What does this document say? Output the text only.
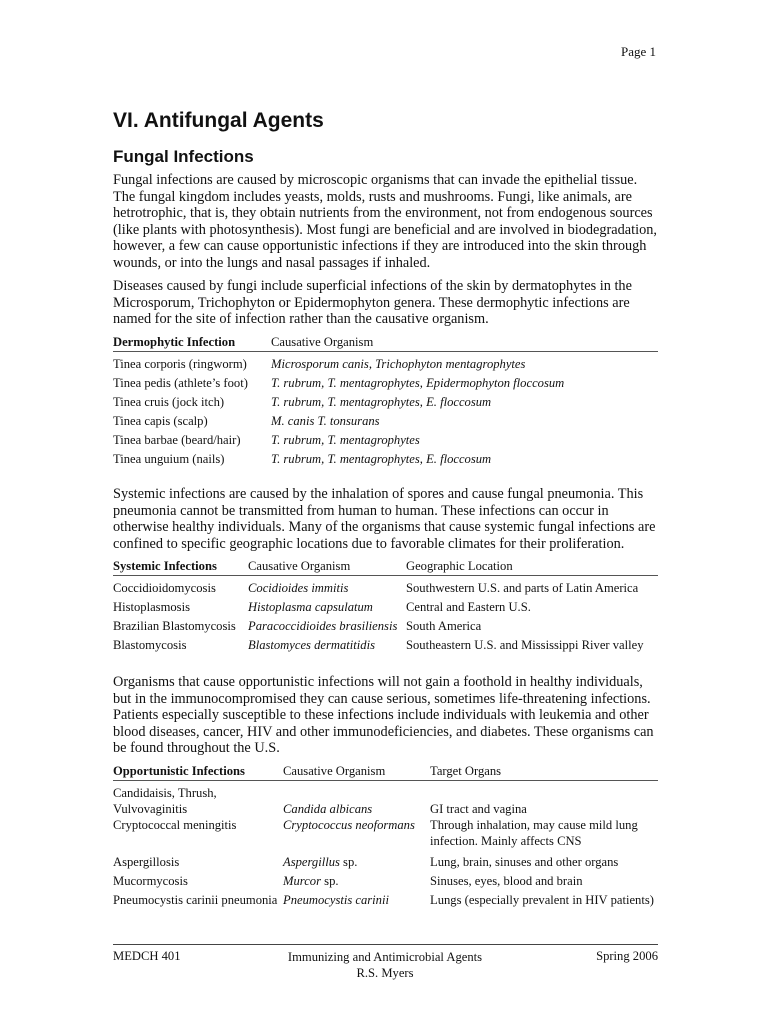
Page 1
VI. Antifungal Agents
Fungal Infections

Fungal infections are caused by microscopic organisms that can invade the epithelial tissue. The fungal kingdom includes yeasts, molds, rusts and mushrooms. Fungi, like animals, are hetrotrophic, that is, they obtain nutrients from the environment, not from endogenous sources (like plants with photosynthesis). Most fungi are beneficial and are involved in biodegradation, however, a few can cause opportunistic infections if they are introduced into the skin through wounds, or into the lungs and nasal passages if inhaled.

Diseases caused by fungi include superficial infections of the skin by dermatophytes in the Microsporum, Trichophyton or Epidermophyton genera. These dermophytic infections are named for the site of infection rather than the causative organism.

Dermophytic Infection	Causative Organism
Tinea corporis (ringworm)	Microsporum canis, Trichophyton mentagrophytes
Tinea pedis (athlete’s foot)	T. rubrum, T. mentagrophytes, Epidermophyton floccosum
Tinea cruis (jock itch)	T. rubrum, T. mentagrophytes, E. floccosum
Tinea capis (scalp)	M. canis T. tonsurans
Tinea barbae (beard/hair)	T. rubrum, T. mentagrophytes
Tinea unguium (nails)	T. rubrum, T. mentagrophytes, E. floccosum

Systemic infections are caused by the inhalation of spores and cause fungal pneumonia. This pneumonia cannot be transmitted from human to human. These infections can occur in otherwise healthy individuals. Many of the organisms that cause systemic fungal infections are confined to specific geographic locations due to favorable climates for their proliferation.

Systemic Infections	Causative Organism	Geographic Location
Coccidioidomycosis	Cocidioides immitis	Southwestern U.S. and parts of Latin America
Histoplasmosis	Histoplasma capsulatum	Central and Eastern U.S.
Brazilian Blastomycosis	Paracoccidioides brasiliensis	South America
Blastomycosis	Blastomyces dermatitidis	Southeastern U.S. and Mississippi River valley

Organisms that cause opportunistic infections will not gain a foothold in healthy individuals, but in the immunocompromised they can cause serious, sometimes life-threatening infections. Patients especially susceptible to these infections include individuals with leukemia and other blood diseases, cancer, HIV and other immunodeficiencies, and diabetes. These organisms can be found throughout the U.S.

Opportunistic Infections	Causative Organism	Target Organs

Candidaisis, Thrush,
Vulvovaginitis	Candida albicans	GI tract and vagina

Cryptococcal meningitis	Cryptococcus neoformans	Through inhalation, may cause mild lung
infection. Mainly affects CNS

Aspergillosis	Aspergillus sp.	Lung, brain, sinuses and other organs
Mucormycosis	Murcor sp.	Sinuses, eyes, blood and brain
Pneumocystis carinii pneumonia	Pneumocystis carinii	Lungs (especially prevalent in HIV patients)
MEDCH 401	Immunizing and Antimicrobial Agents
R.S. Myers
Spring 2006
